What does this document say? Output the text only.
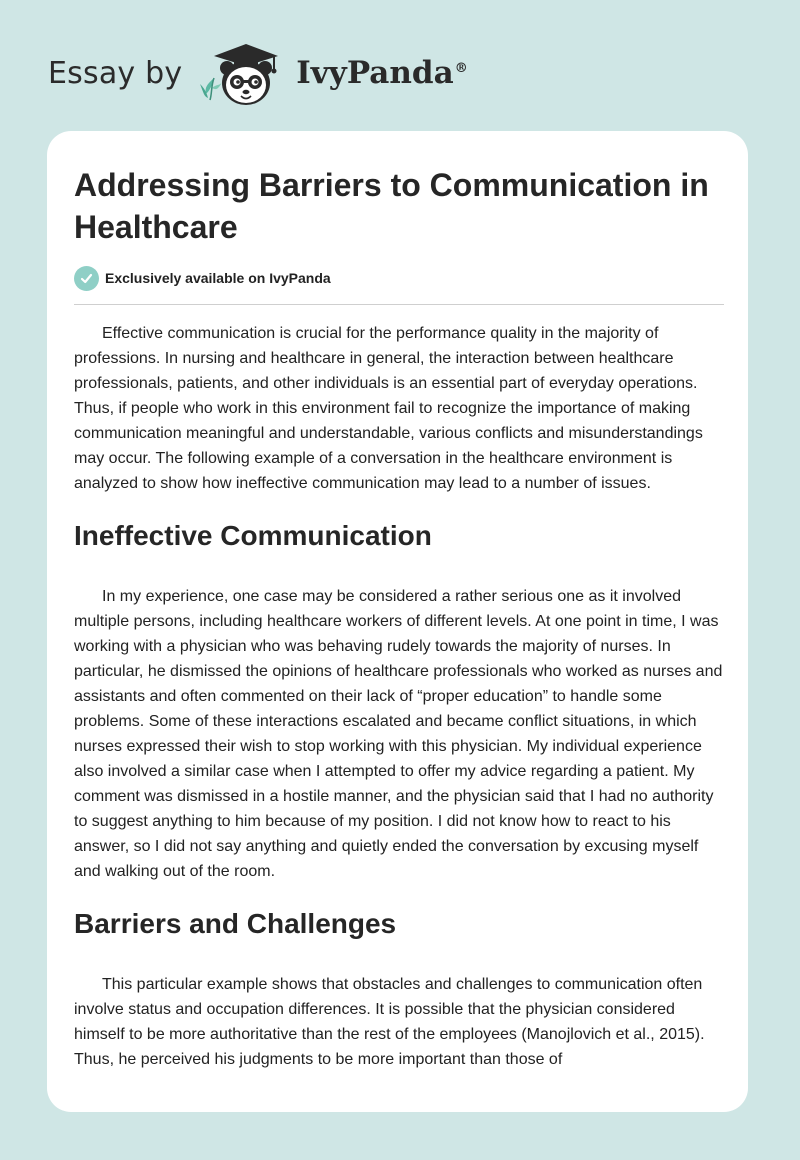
Essay by	IvyPanda®
Addressing Barriers to Communication in Healthcare
Exclusively available on IvyPanda

Effective communication is crucial for the performance quality in the majority of professions. In nursing and healthcare in general, the interaction between healthcare professionals, patients, and other individuals is an essential part of everyday operations. Thus, if people who work in this environment fail to recognize the importance of making communication meaningful and understandable, various conflicts and misunderstandings may occur. The following example of a conversation in the healthcare environment is analyzed to show how ineffective communication may lead to a number of issues.

Ineffective Communication

In my experience, one case may be considered a rather serious one as it involved multiple persons, including healthcare workers of different levels. At one point in time, I was working with a physician who was behaving rudely towards the majority of nurses. In particular, he dismissed the opinions of healthcare professionals who worked as nurses and assistants and often commented on their lack of “proper education” to handle some problems. Some of these interactions escalated and became conflict situations, in which nurses expressed their wish to stop working with this physician. My individual experience also involved a similar case when I attempted to offer my advice regarding a patient. My comment was dismissed in a hostile manner, and the physician said that I had no authority to suggest anything to him because of my position. I did not know how to react to his answer, so I did not say anything and quietly ended the conversation by excusing myself and walking out of the room.

Barriers and Challenges

This particular example shows that obstacles and challenges to communication often involve status and occupation differences. It is possible that the physician considered himself to be more authoritative than the rest of the employees (Manojlovich et al., 2015). Thus, he perceived his judgments to be more important than those of
